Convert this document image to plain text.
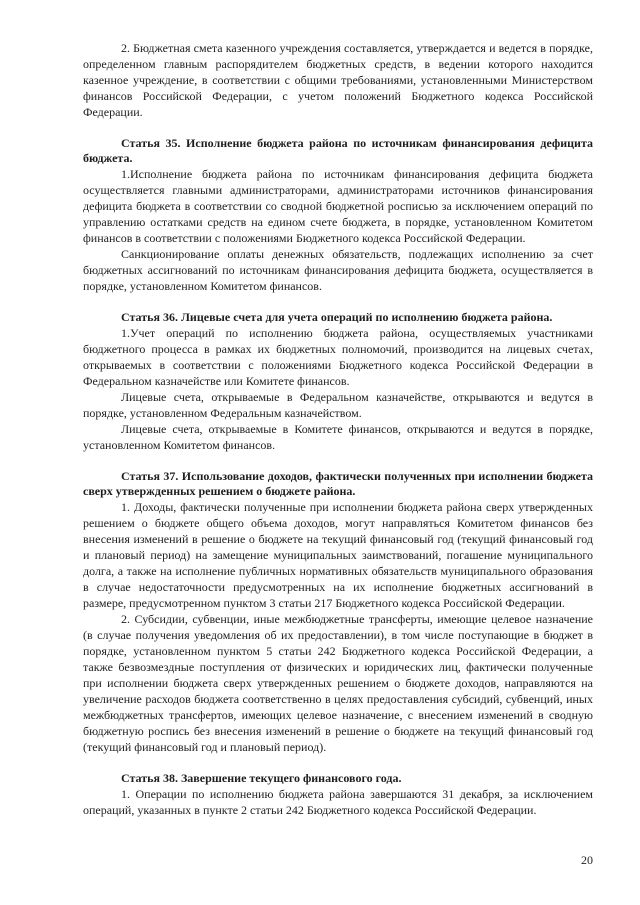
2. Бюджетная смета казенного учреждения составляется, утверждается и ведется в порядке, определенном главным распорядителем бюджетных средств, в ведении которого находится казенное учреждение, в соответствии с общими требованиями, установленными Министерством финансов Российской Федерации, с учетом положений Бюджетного кодекса Российской Федерации.

Статья 35. Исполнение бюджета района по источникам финансирования дефицита бюджета.

1.Исполнение бюджета района по источникам финансирования дефицита бюджета осуществляется главными администраторами, администраторами источников финансирования дефицита бюджета в соответствии со сводной бюджетной росписью за исключением операций по управлению остатками средств на едином счете бюджета, в порядке, установленном Комитетом финансов в соответствии с положениями Бюджетного кодекса Российской Федерации.

Санкционирование оплаты денежных обязательств, подлежащих исполнению за счет бюджетных ассигнований по источникам финансирования дефицита бюджета, осуществляется в порядке, установленном Комитетом финансов.

Статья 36. Лицевые счета для учета операций по исполнению бюджета района.

1.Учет операций по исполнению бюджета района, осуществляемых участниками бюджетного процесса в рамках их бюджетных полномочий, производится на лицевых счетах, открываемых в соответствии с положениями Бюджетного кодекса Российской Федерации в Федеральном казначействе или Комитете финансов.

Лицевые счета, открываемые в Федеральном казначействе, открываются и ведутся в порядке, установленном Федеральным казначейством.

Лицевые счета, открываемые в Комитете финансов, открываются и ведутся в порядке, установленном Комитетом финансов.

Статья 37. Использование доходов, фактически полученных при исполнении бюджета сверх утвержденных решением о бюджете района.

1. Доходы, фактически полученные при исполнении бюджета района сверх утвержденных решением о бюджете общего объема доходов, могут направляться Комитетом финансов без внесения изменений в решение о бюджете на текущий финансовый год (текущий финансовый год и плановый период) на замещение муниципальных заимствований, погашение муниципального долга, а также на исполнение публичных нормативных обязательств муниципального образования в случае недостаточности предусмотренных на их исполнение бюджетных ассигнований в размере, предусмотренном пунктом 3 статьи 217 Бюджетного кодекса Российской Федерации.

2. Субсидии, субвенции, иные межбюджетные трансферты, имеющие целевое назначение (в случае получения уведомления об их предоставлении), в том числе поступающие в бюджет в порядке, установленном пунктом 5 статьи 242 Бюджетного кодекса Российской Федерации, а также безвозмездные поступления от физических и юридических лиц, фактически полученные при исполнении бюджета сверх утвержденных решением о бюджете доходов, направляются на увеличение расходов бюджета соответственно в целях предоставления субсидий, субвенций, иных межбюджетных трансфертов, имеющих целевое назначение, с внесением изменений в сводную бюджетную роспись без внесения изменений в решение о бюджете на текущий финансовый год (текущий финансовый год и плановый период).

Статья 38. Завершение текущего финансового года.

1. Операции по исполнению бюджета района завершаются 31 декабря, за исключением операций, указанных в пункте 2 статьи 242 Бюджетного кодекса Российской Федерации.

20
